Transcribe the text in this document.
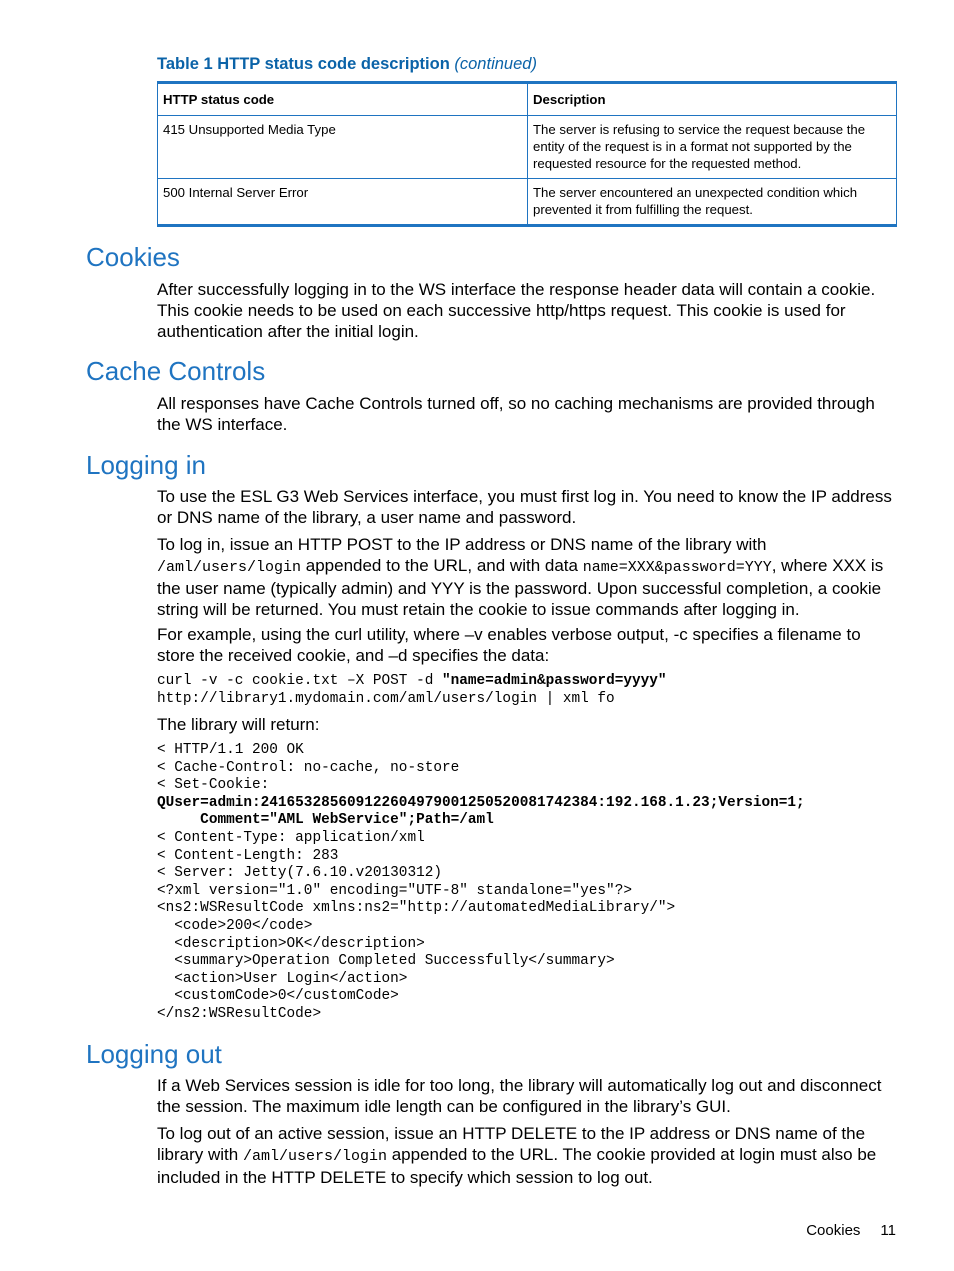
Table 1 HTTP status code description (continued)
HTTP status code	Description
415 Unsupported Media Type	The server is refusing to service the request because the entity of the request is in a format not supported by the requested resource for the requested method.
500 Internal Server Error	The server encountered an unexpected condition which prevented it from fulfilling the request.
Cookies

After successfully logging in to the WS interface the response header data will contain a cookie. This cookie needs to be used on each successive http/https request. This cookie is used for authentication after the initial login.

Cache Controls

All responses have Cache Controls turned off, so no caching mechanisms are provided through the WS interface.

Logging in

To use the ESL G3 Web Services interface, you must first log in. You need to know the IP address or DNS name of the library, a user name and password.

To log in, issue an HTTP POST to the IP address or DNS name of the library with /aml/users/login appended to the URL, and with data name=XXX&password=YYY, where XXX is the user name (typically admin) and YYY is the password. Upon successful completion, a cookie string will be returned. You must retain the cookie to issue commands after logging in.

For example, using the curl utility, where –v enables verbose output, -c specifies a filename to store the received cookie, and –d specifies the data:

curl -v -c cookie.txt –X POST -d "name=admin&password=yyyy"
http://library1.mydomain.com/aml/users/login | xml fo

The library will return:

< HTTP/1.1 200 OK
< Cache-Control: no-cache, no-store
< Set-Cookie:
QUser=admin:24165328560912260497900125052008174238​4:192.168.1.23;Version=1;
Comment="AML WebService";Path=/aml
< Content-Type: application/xml
< Content-Length: 283
< Server: Jetty(7.6.10.v20130312)
<?xml version="1.0" encoding="UTF-8" standalone="yes"?>
<ns2:WSResultCode xmlns:ns2="http://automatedMediaLibrary/">
<code>200</code>
<description>OK</description>
<summary>Operation Completed Successfully</summary>
<action>User Login</action>
<customCode>0</customCode>
</ns2:WSResultCode>
Logging out

If a Web Services session is idle for too long, the library will automatically log out and disconnect the session. The maximum idle length can be configured in the library’s GUI.

To log out of an active session, issue an HTTP DELETE to the IP address or DNS name of the library with /aml/users/login appended to the URL. The cookie provided at login must also be included in the HTTP DELETE to specify which session to log out.

Cookies 11
